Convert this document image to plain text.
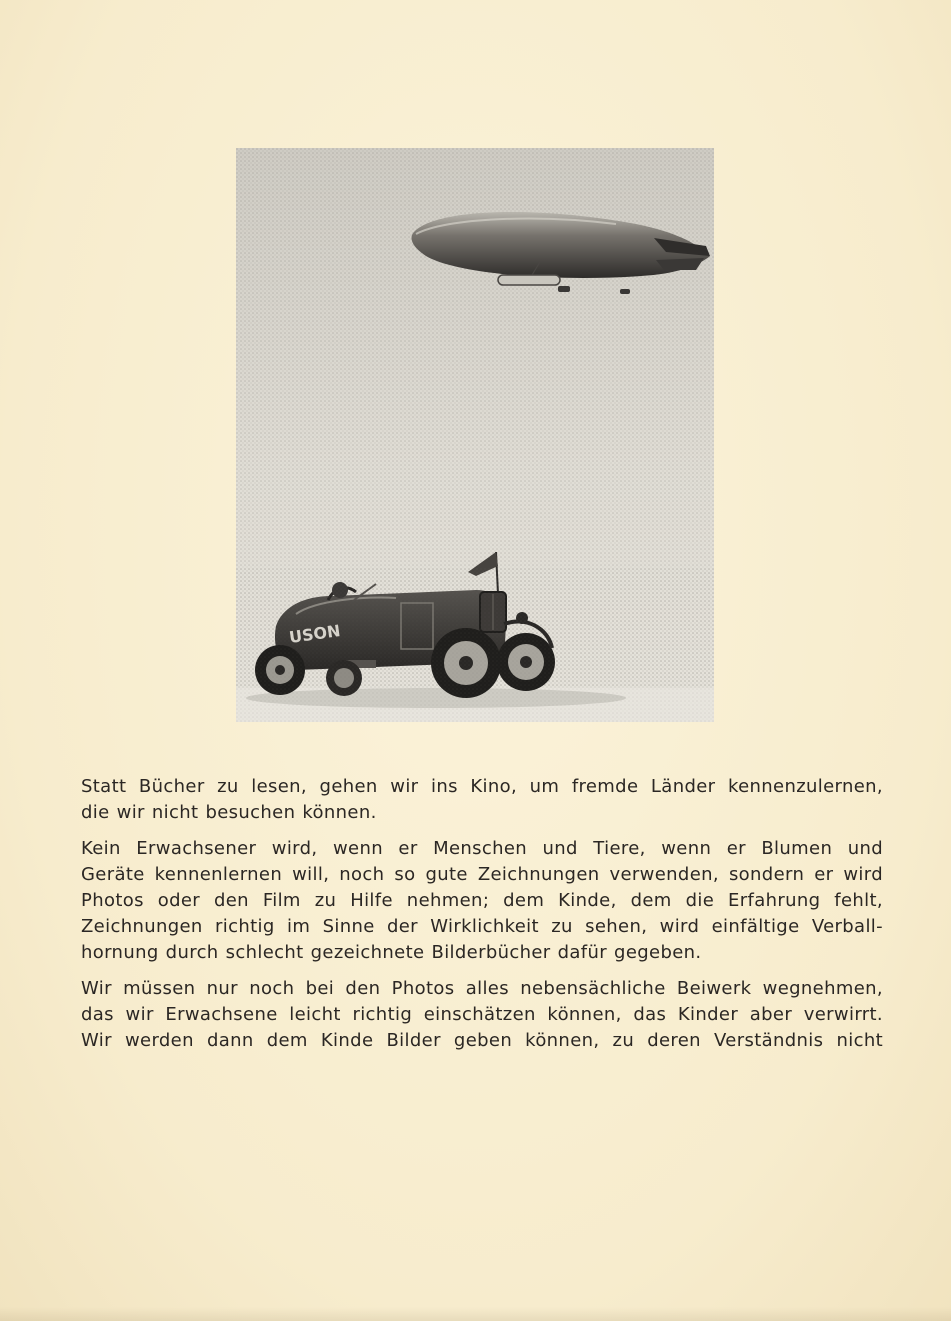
USON

Statt Bücher zu lesen, gehen wir ins Kino, um fremde Länder kennenzulernen,
die wir nicht besuchen können.

Kein Erwachsener wird, wenn er Menschen und Tiere, wenn er Blumen und
Geräte kennenlernen will, noch so gute Zeichnungen verwenden, sondern er wird
Photos oder den Film zu Hilfe nehmen; dem Kinde, dem die Erfahrung fehlt,
Zeichnungen richtig im Sinne der Wirklichkeit zu sehen, wird einfältige Verball-
hornung durch schlecht gezeichnete Bilderbücher dafür gegeben.

Wir müssen nur noch bei den Photos alles nebensächliche Beiwerk wegnehmen,
das wir Erwachsene leicht richtig einschätzen können, das Kinder aber verwirrt.
Wir werden dann dem Kinde Bilder geben können, zu deren Verständnis nicht
